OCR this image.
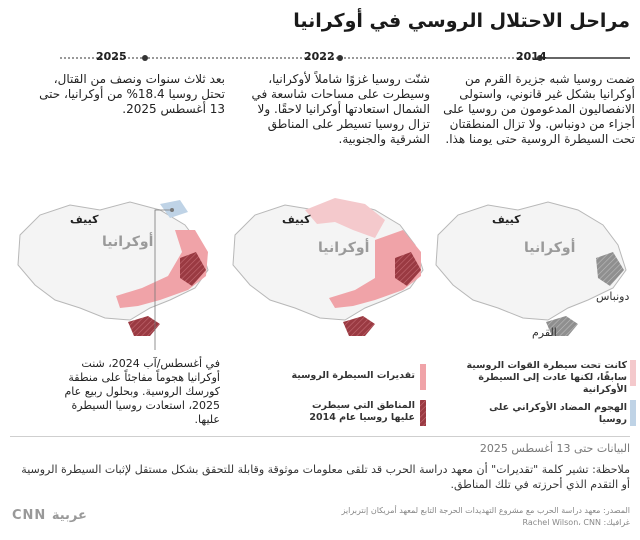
مراحل الاحتلال الروسي في أوكرانيا
2014
2022
2025
ضمت روسيا شبه جزيرة القرم من أوكرانيا بشكل غير قانوني، واستولى الانفصاليون المدعومون من روسيا على أجزاء من دونباس. ولا تزال المنطقتان تحت السيطرة الروسية حتى يومنا هذا.
شنّت روسيا غزوًا شاملاً لأوكرانيا، وسيطرت على مساحات شاسعة في الشمال استعادتها أوكرانيا لاحقًا. ولا تزال روسيا تسيطر على المناطق الشرقية والجنوبية.
بعد ثلاث سنوات ونصف من القتال، تحتل روسيا 18.4% من أوكرانيا، حتى 13 أغسطس 2025.
كييف
أوكرانيا
دونباس
القرم
كييف
أوكرانيا
كييف
أوكرانيا
في أغسطس/آب 2024، شنت أوكرانيا هجوماً مفاجئاً على منطقة كورسك الروسية. وبحلول ربيع عام 2025، استعادت روسيا السيطرة عليها.
تقديرات السيطرة الروسية
المناطق التي سيطرت عليها روسيا عام 2014
كانت تحت سيطرة القوات الروسية سابقًا، لكنها عادت إلى السيطرة الأوكرانية
الهجوم المضاد الأوكراني على روسيا
البيانات حتى 13 أغسطس 2025
ملاحظة: تشير كلمة "تقديرات" أن معهد دراسة الحرب قد تلقى معلومات موثوقة وقابلة للتحقق بشكل مستقل لإثبات السيطرة الروسية أو التقدم الذي أحرزته في تلك المناطق.
المصدر: معهد دراسة الحرب مع مشروع التهديدات الحرجة التابع لمعهد أمريكان إنتربرايز
غرافيك: Rachel Wilson، CNN
CNN عربية
